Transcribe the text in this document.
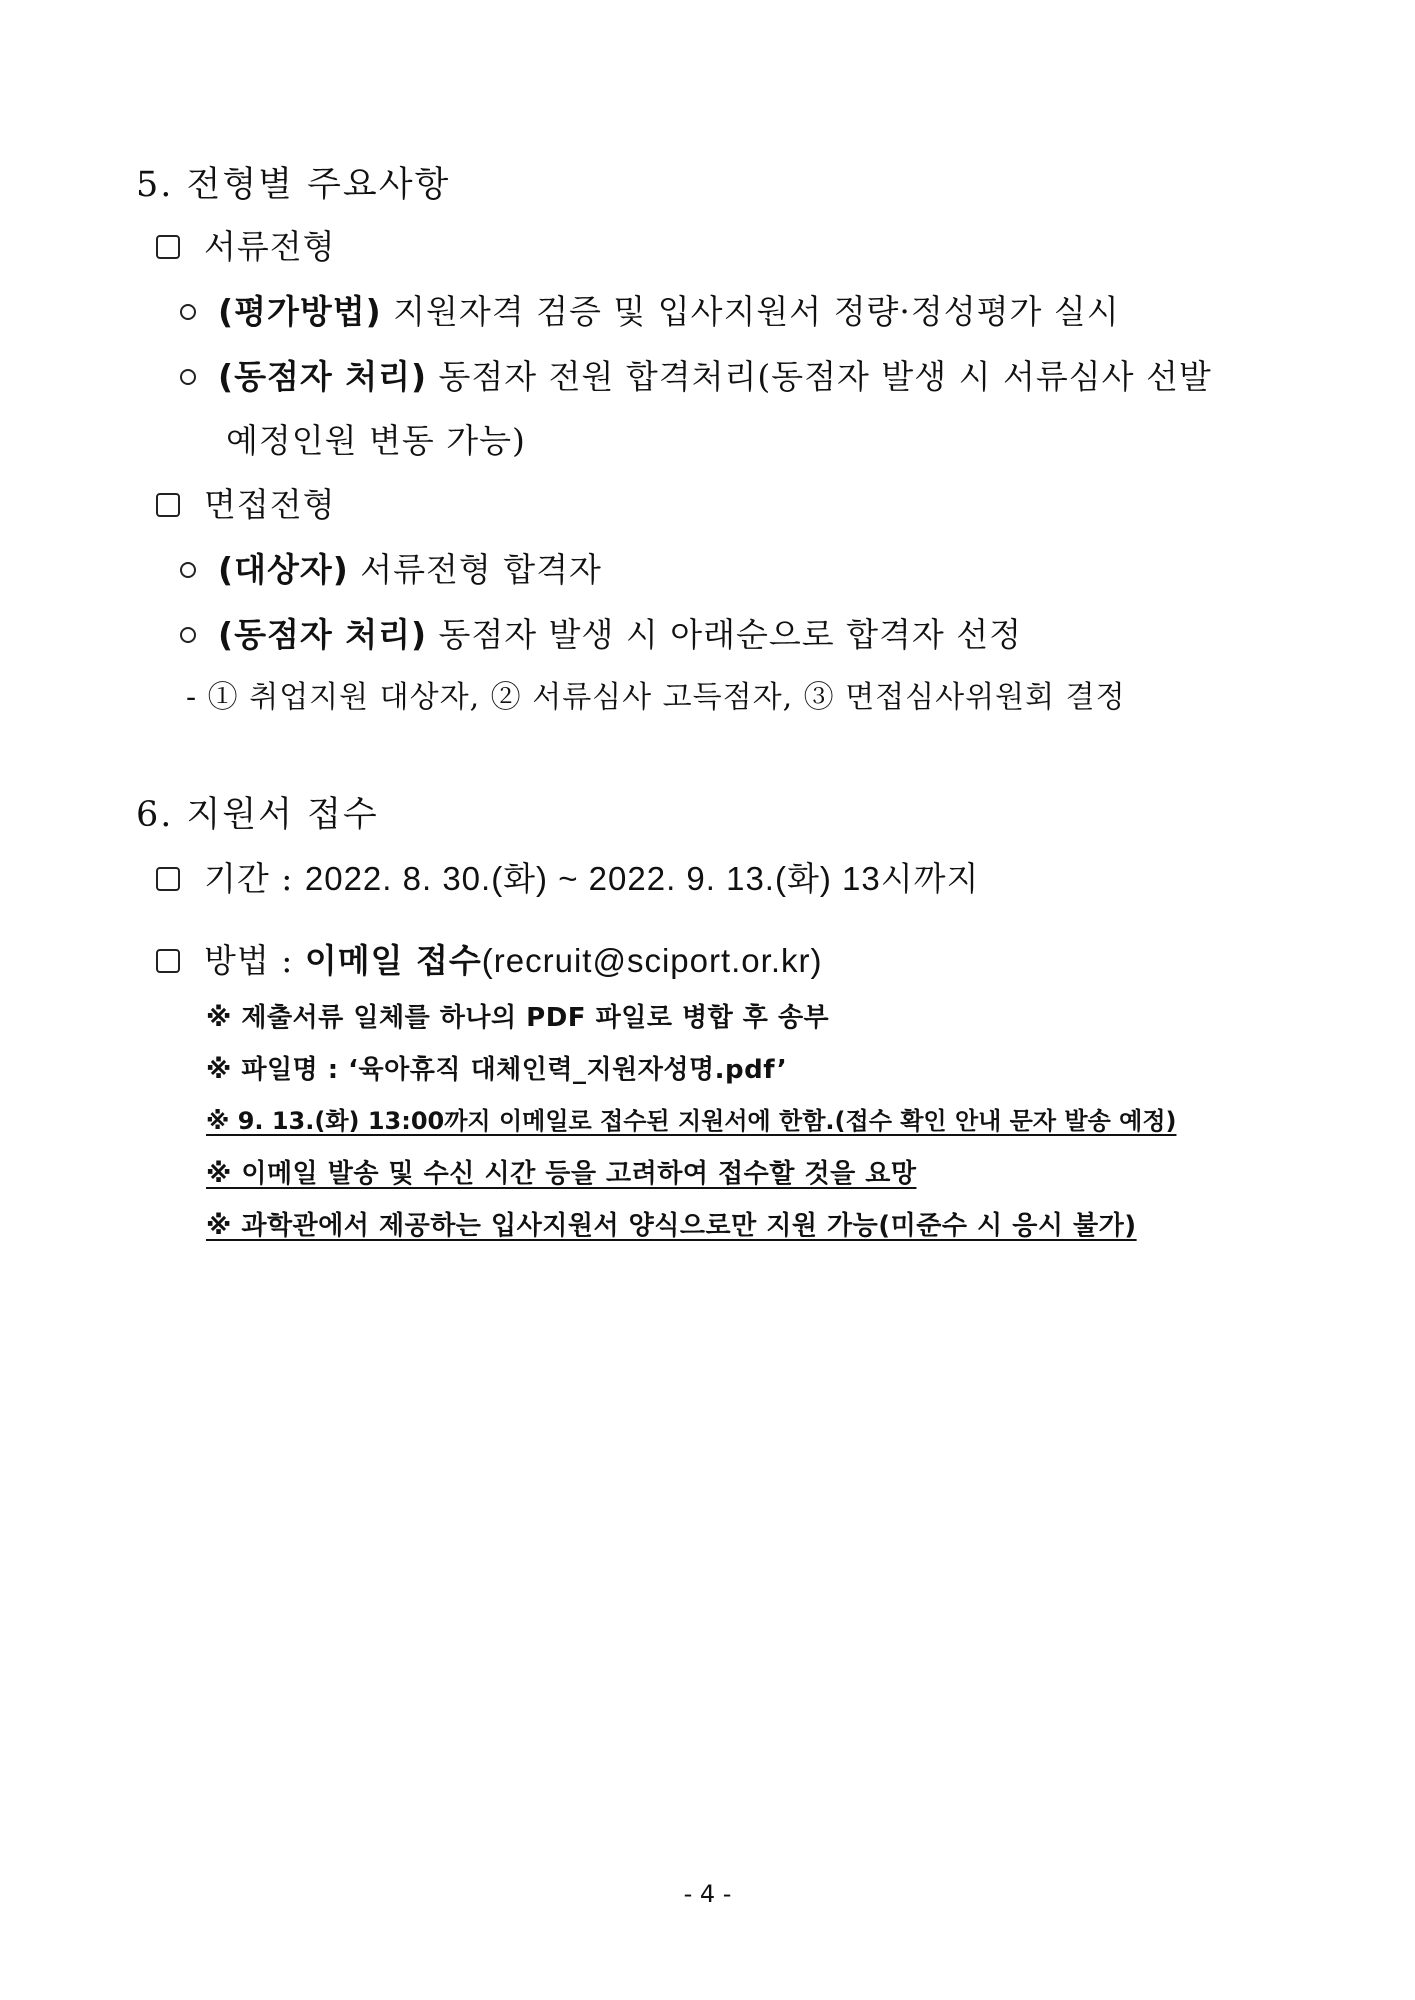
5. 전형별 주요사항
서류전형
(평가방법) 지원자격 검증 및 입사지원서 정량·정성평가 실시
(동점자 처리) 동점자 전원 합격처리(동점자 발생 시 서류심사 선발
예정인원 변동 가능)
면접전형
(대상자) 서류전형 합격자
(동점자 처리) 동점자 발생 시 아래순으로 합격자 선정
- ① 취업지원 대상자, ② 서류심사 고득점자, ③ 면접심사위원회 결정
6. 지원서 접수
기간 : 2022. 8. 30.(화) ~ 2022. 9. 13.(화) 13시까지
방법 : 이메일 접수(recruit@sciport.or.kr)
※ 제출서류 일체를 하나의 PDF 파일로 병합 후 송부
※ 파일명 : ‘육아휴직 대체인력_지원자성명.pdf’
※ 9. 13.(화) 13:00까지 이메일로 접수된 지원서에 한함.(접수 확인 안내 문자 발송 예정)
※ 이메일 발송 및 수신 시간 등을 고려하여 접수할 것을 요망
※ 과학관에서 제공하는 입사지원서 양식으로만 지원 가능(미준수 시 응시 불가)
- 4 -
